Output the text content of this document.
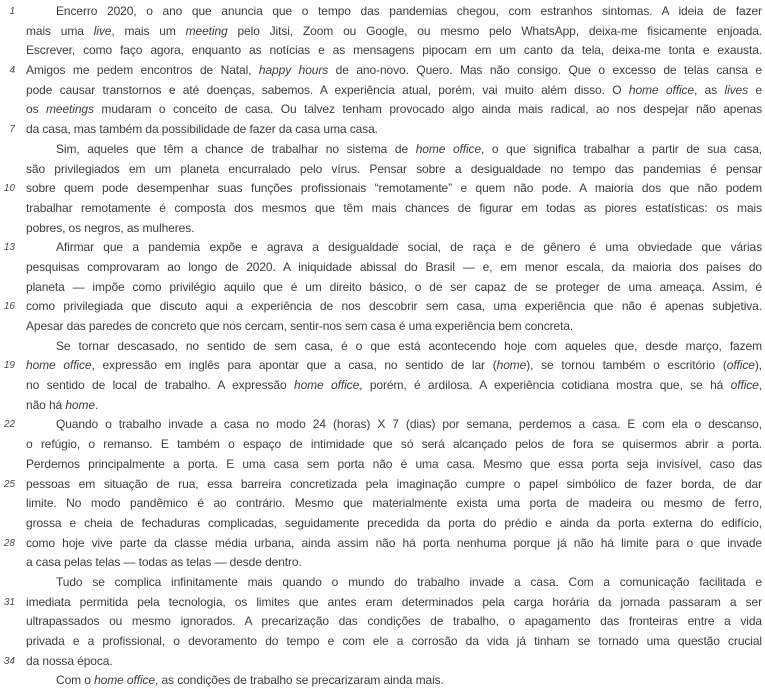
1	Encerro 2020, o ano que anuncia que o tempo das pandemias chegou, com estranhos sintomas. A ideia de fazer
mais uma live, mais um meeting pelo Jitsi, Zoom ou Google, ou mesmo pelo WhatsApp, deixa-me fisicamente enjoada.
Escrever, como faço agora, enquanto as notícias e as mensagens pipocam em um canto da tela, deixa-me tonta e exausta.
4 Amigos me pedem encontros de Natal, happy hours de ano-novo. Quero. Mas não consigo. Que o excesso de telas cansa e
pode causar transtornos e até doenças, sabemos. A experiência atual, porém, vai muito além disso. O home office, as lives e
os meetings mudaram o conceito de casa. Ou talvez tenham provocado algo ainda mais radical, ao nos despejar não apenas
7 da casa, mas também da possibilidade de fazer da casa uma casa.
Sim, aqueles que têm a chance de trabalhar no sistema de home office, o que significa trabalhar a partir de sua casa,
são privilegiados em um planeta encurralado pelo vírus. Pensar sobre a desigualdade no tempo das pandemias é pensar
10 sobre quem pode desempenhar suas funções profissionais “remotamente” e quem não pode. A maioria dos que não podem
trabalhar remotamente é composta dos mesmos que têm mais chances de figurar em todas as piores estatísticas: os mais
pobres, os negros, as mulheres.
13	Afirmar que a pandemia expõe e agrava a desigualdade social, de raça e de gênero é uma obviedade que várias
pesquisas comprovaram ao longo de 2020. A iniquidade abissal do Brasil — e, em menor escala, da maioria dos países do
planeta — impõe como privilégio aquilo que é um direito básico, o de ser capaz de se proteger de uma ameaça. Assim, é
16 como privilegiada que discuto aqui a experiência de nos descobrir sem casa, uma experiência que não é apenas subjetiva.
Apesar das paredes de concreto que nos cercam, sentir-nos sem casa é uma experiência bem concreta.
Se tornar descasado, no sentido de sem casa, é o que está acontecendo hoje com aqueles que, desde março, fazem
19 home office, expressão em inglês para apontar que a casa, no sentido de lar (home), se tornou também o escritório (office),
no sentido de local de trabalho. A expressão home office, porém, é ardilosa. A experiência cotidiana mostra que, se há office,
não há home.
22	Quando o trabalho invade a casa no modo 24 (horas) X 7 (dias) por semana, perdemos a casa. E com ela o descanso,
o refúgio, o remanso. E também o espaço de intimidade que só será alcançado pelos de fora se quisermos abrir a porta.
Perdemos principalmente a porta. E uma casa sem porta não é uma casa. Mesmo que essa porta seja invisível, caso das
25 pessoas em situação de rua, essa barreira concretizada pela imaginação cumpre o papel simbólico de fazer borda, de dar
limite. No modo pandêmico é ao contrário. Mesmo que materialmente exista uma porta de madeira ou mesmo de ferro,
grossa e cheia de fechaduras complicadas, seguidamente precedida da porta do prédio e ainda da porta externa do edifício,
28 como hoje vive parte da classe média urbana, ainda assim não há porta nenhuma porque já não há limite para o que invade
a casa pelas telas — todas as telas — desde dentro.
Tudo se complica infinitamente mais quando o mundo do trabalho invade a casa. Com a comunicação facilitada e
31 imediata permitida pela tecnologia, os limites que antes eram determinados pela carga horária da jornada passaram a ser
ultrapassados ou mesmo ignorados. A precarização das condições de trabalho, o apagamento das fronteiras entre a vida
privada e a profissional, o devoramento do tempo e com ele a corrosão da vida já tinham se tornado uma questão crucial
34 da nossa época.
Com o home office, as condições de trabalho se precarizaram ainda mais.
